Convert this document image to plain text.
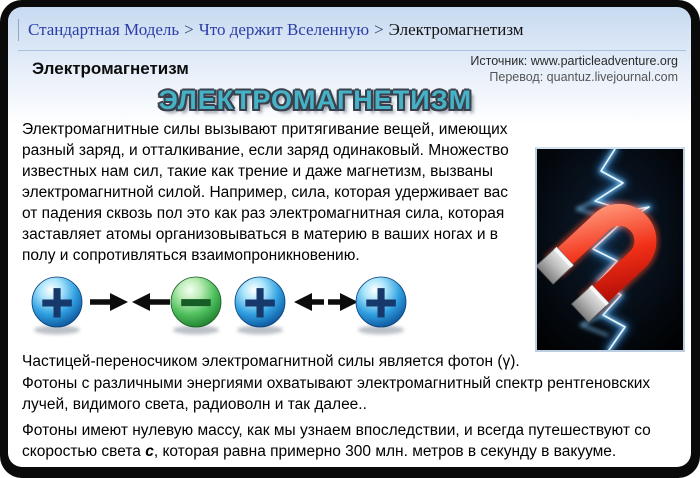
Стандартная Модель > Что держит Вселенную > Электромагнетизм
Источник: www.particleadventure.org
Перевод: quantuz.livejournal.com
Электромагнетизм
ЭЛЕКТРОМАГНЕТИЗМ

Электромагнитные силы вызывают притягивание вещей, имеющих разный заряд, и отталкивание, если заряд одинаковый. Множество известных нам сил, такие как трение и даже магнетизм, вызваны электромагнитной силой. Например, сила, которая удерживает вас от падения сквозь пол это как раз электромагнитная сила, которая заставляет атомы организовываться в материю в ваших ногах и в полу и сопротивляться взаимопроникновению.

+ − + +

Частицей-переносчиком электромагнитной силы является фотон (γ).

Фотоны с различными энергиями охватывают электромагнитный спектр рентгеновских лучей, видимого света, радиоволн и так далее..

Фотоны имеют нулевую массу, как мы узнаем впоследствии, и всегда путешествуют со скоростью света c, которая равна примерно 300 млн. метров в секунду в вакууме.
